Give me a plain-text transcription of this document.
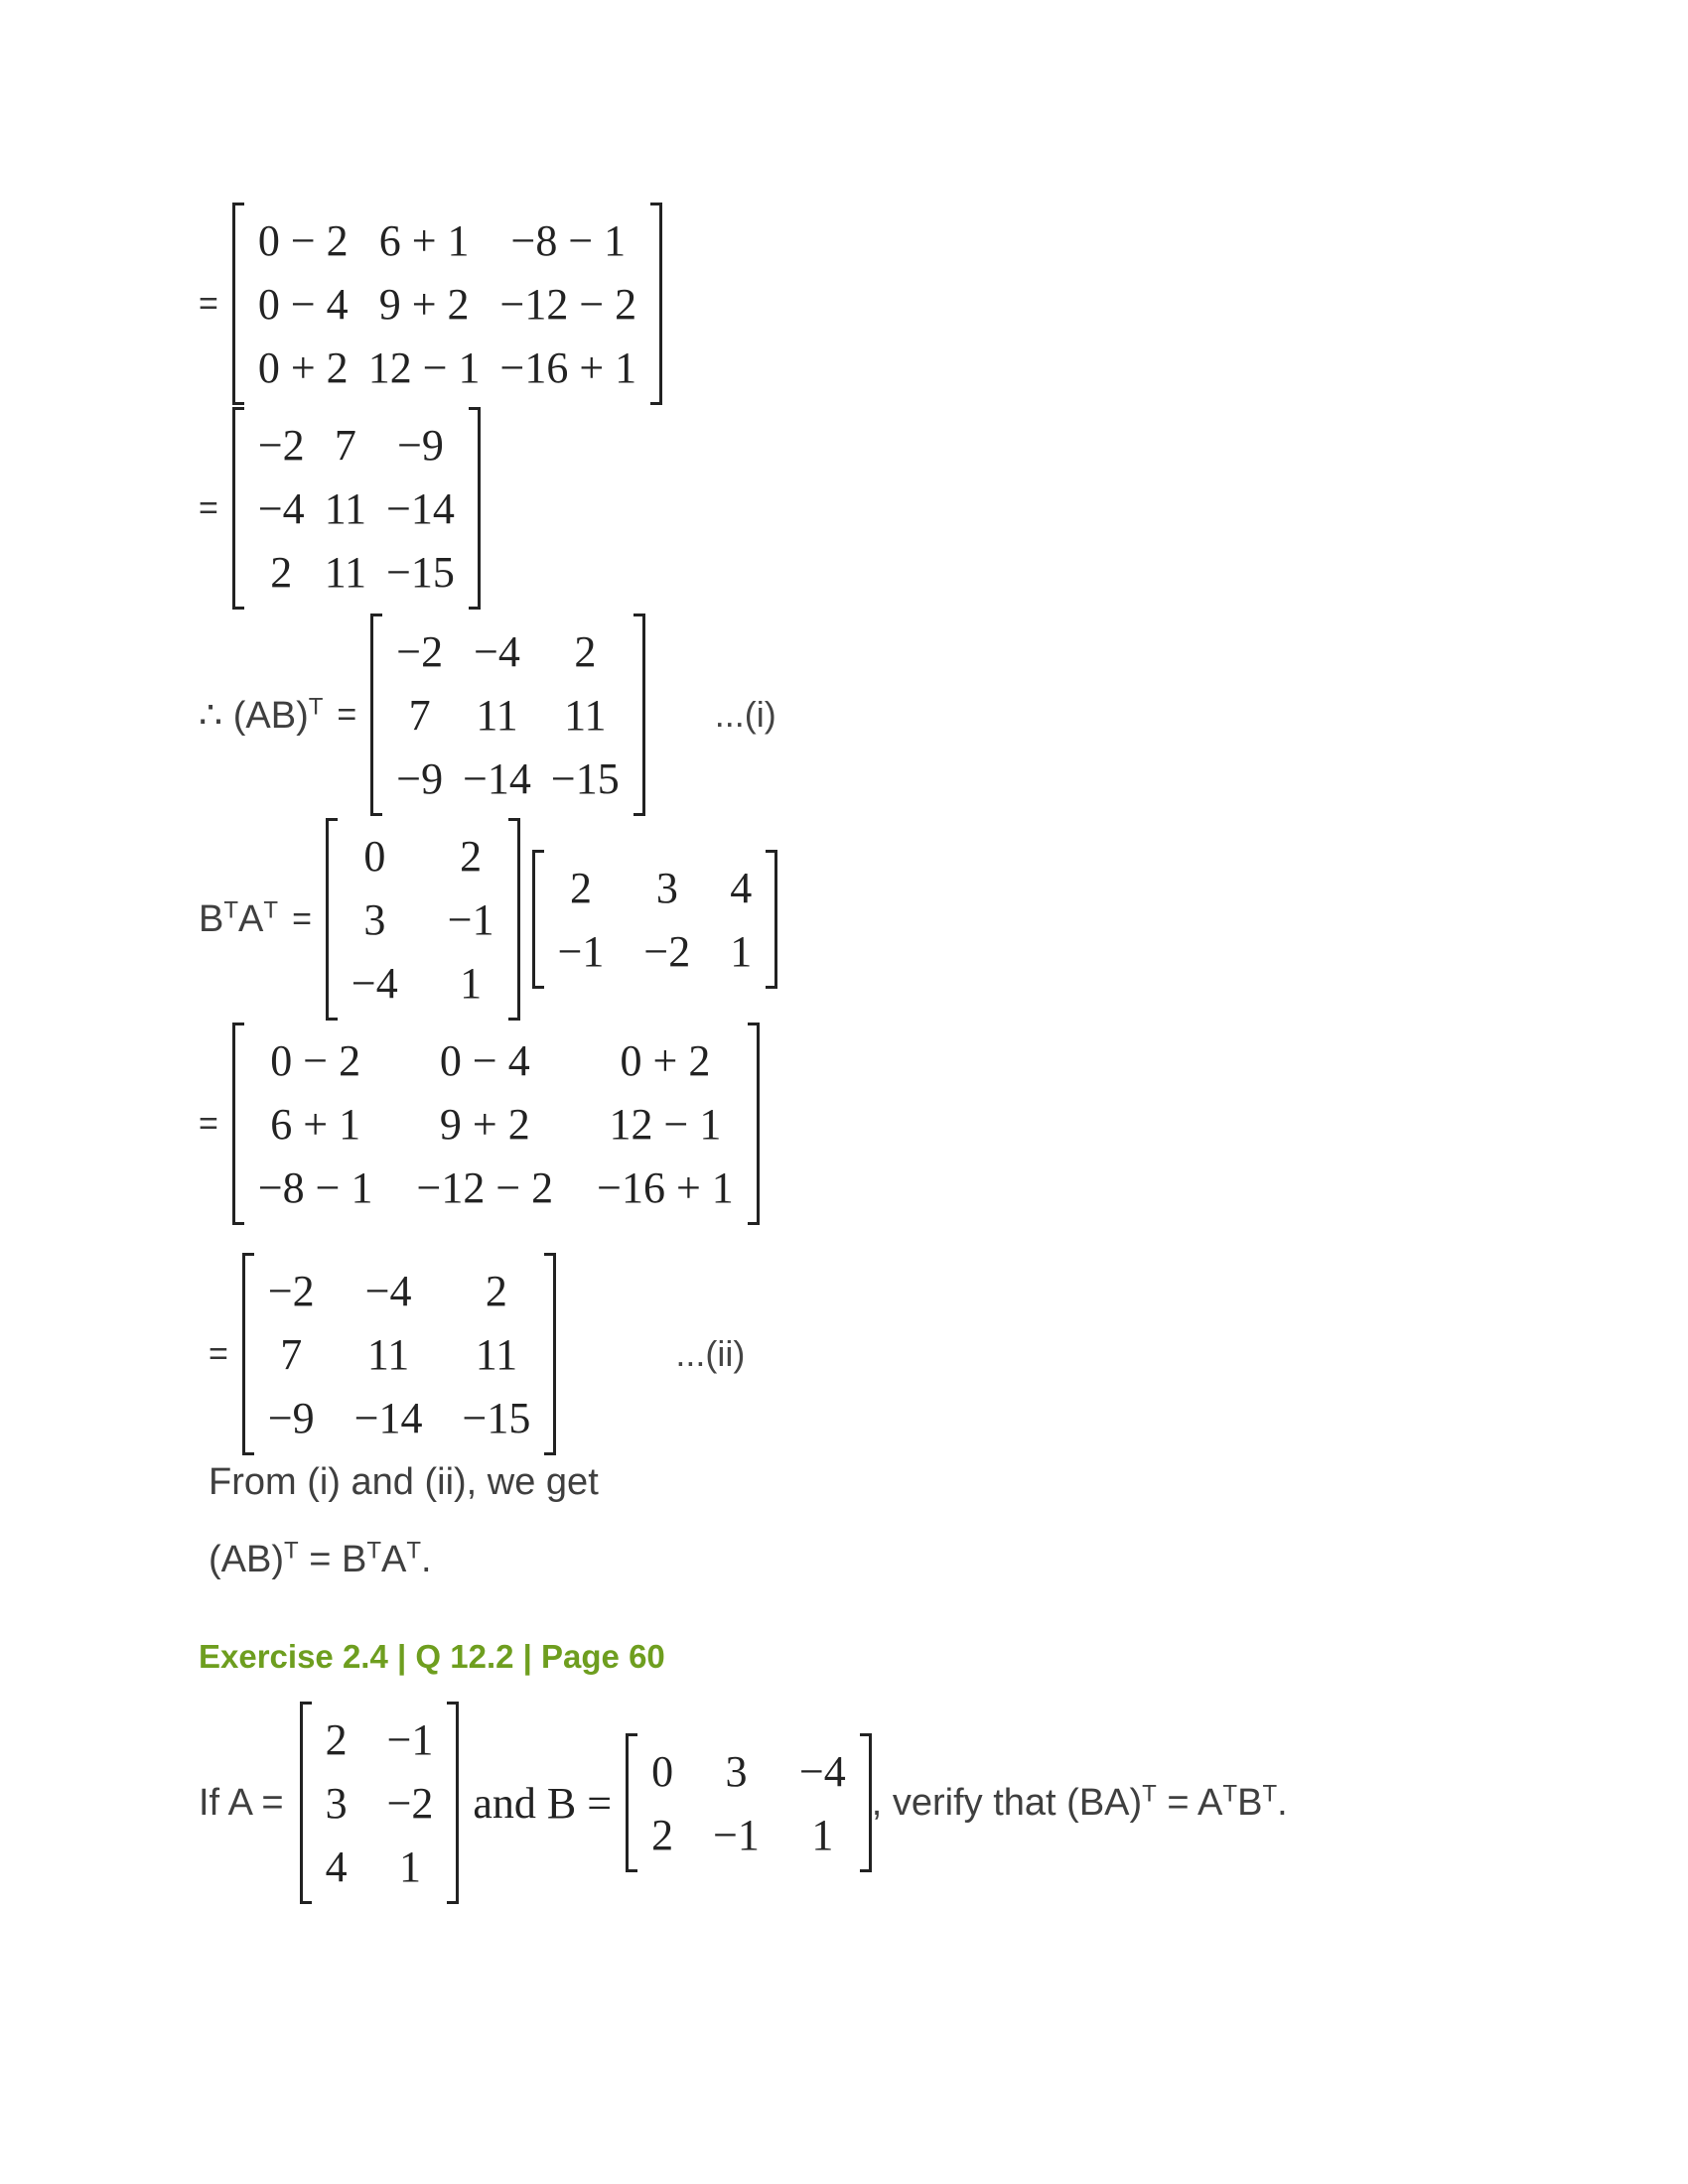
=
0 − 2	6 + 1	−8 − 1
0 − 4	9 + 2	−12 − 2
0 + 2	12 − 1	−16 + 1
=
−2	7	−9
−4	11	−14
2	11	−15
∴ (AB)$^T$ =
−2	−4	2
7	11	11
−9	−14	−15
...(i)
$B^TA^T$ =
0	2
3	−1
−4	1
2	3	4
−1	−2	1
=
0 − 2	0 − 4	0 + 2
6 + 1	9 + 2	12 − 1
−8 − 1	−12 − 2	−16 + 1
=
−2	−4	2
7	11	11
−9	−14	−15
...(ii)
From (i) and (ii), we get
$(AB)^T = B^TA^T$.
Exercise 2.4 | Q 12.2 | Page 60
If A =
2	−1
3	−2
4	1
and B =
0	3	−4
2	−1	1
, verify that $(BA)^T = A^TB^T$.
